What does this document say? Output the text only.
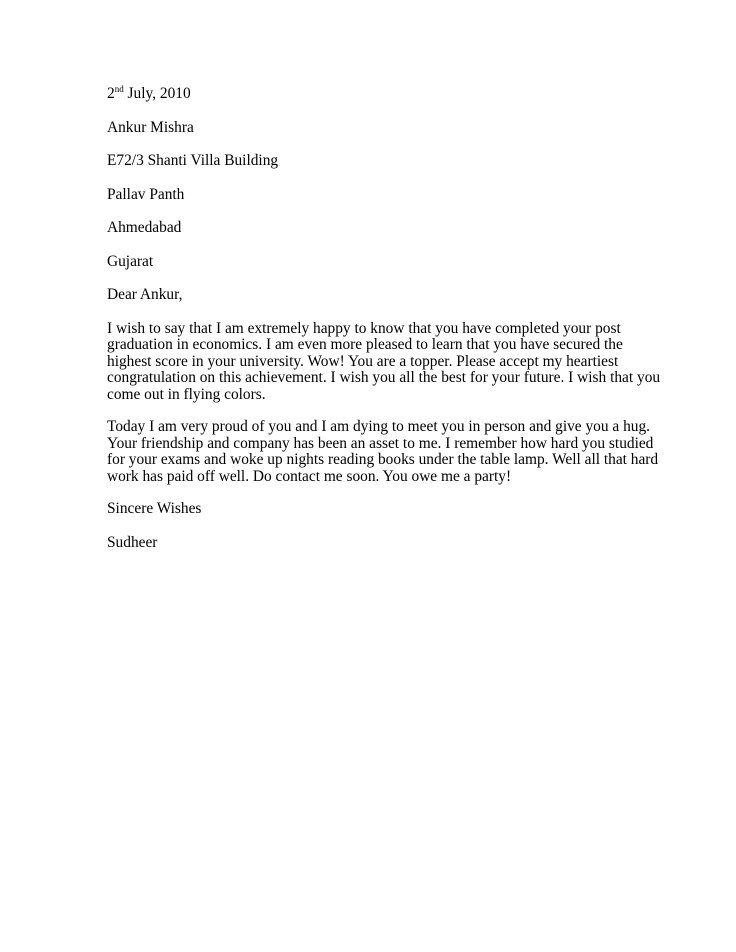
2nd July, 2010

Ankur Mishra

E72/3 Shanti Villa Building

Pallav Panth

Ahmedabad

Gujarat

Dear Ankur,

I wish to say that I am extremely happy to know that you have completed your post
graduation in economics. I am even more pleased to learn that you have secured the
highest score in your university. Wow! You are a topper. Please accept my heartiest
congratulation on this achievement. I wish you all the best for your future. I wish that you
come out in flying colors.

Today I am very proud of you and I am dying to meet you in person and give you a hug.
Your friendship and company has been an asset to me. I remember how hard you studied
for your exams and woke up nights reading books under the table lamp. Well all that hard
work has paid off well. Do contact me soon. You owe me a party!

Sincere Wishes

Sudheer
